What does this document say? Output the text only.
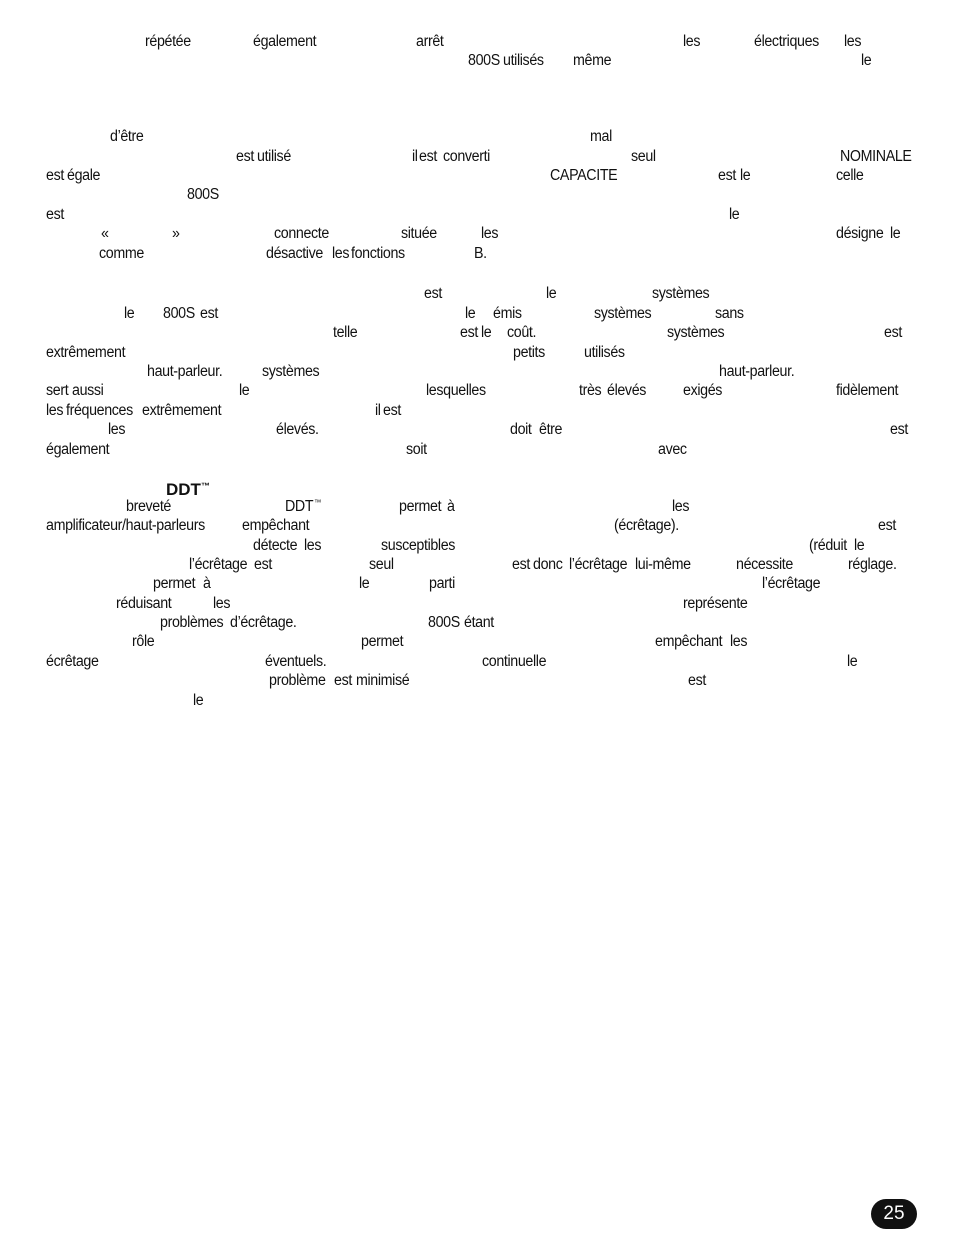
répétée	également	arrêt	les	électriques les
800S utilisés même	le
d’être	mal
est utilisé	il est converti	seul	NOMINALE
est égale	CAPACITE	est le	celle
800S
est	le
«	»	connecte	située	les	désigne le
comme	désactive les fonctions	B.
est	le	systèmes
le 800S est	le émis	systèmes	sans
telle	est le coût.	systèmes	est
extrêmement	petits	utilisés
haut-parleur.	systèmes	haut-parleur.
sert aussi	le	lesquelles	très élevés exigés	fidèlement
les fréquences extrêmement	il est
les	élevés.	doit être	est
également	soit	avec
DDT™
breveté	DDT ™	permet à	les
amplificateur/haut-parleurs empêchant	(écrêtage).	est
détecte les	susceptibles	(réduit le
l’écrêtage est	seul	est donc l’écrêtage lui-même	nécessite	réglage.
permet à	le	parti	l’écrêtage
réduisant	les	représente
problèmes d’écrêtage.	800S étant
rôle	permet	empêchant les
écrêtage	éventuels.	continuelle	le
problème est minimisé	est
le
25
